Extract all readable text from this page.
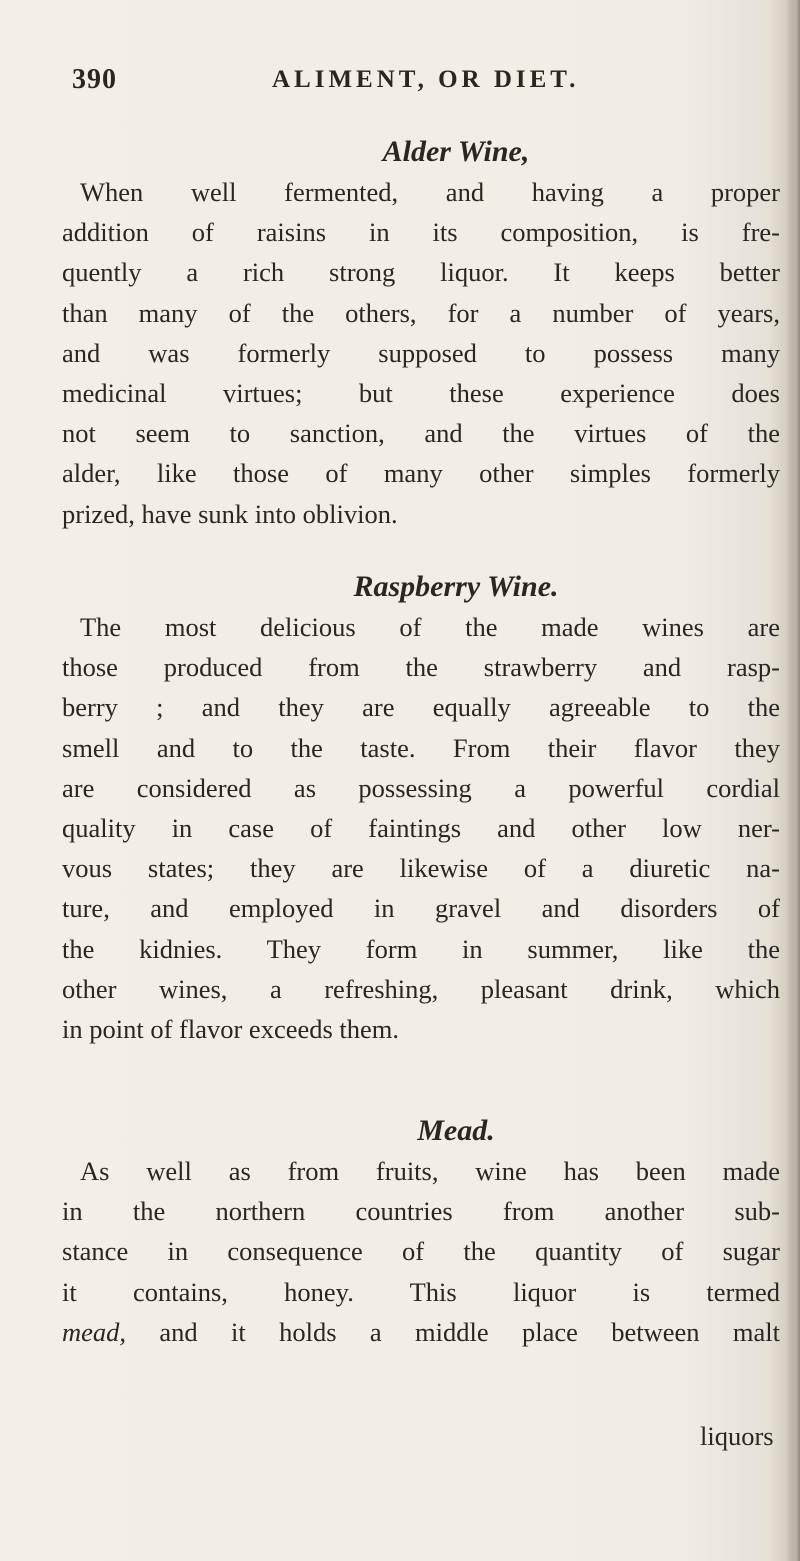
390	ALIMENT, OR DIET.
Alder Wine,

When well fermented, and having a proper
addition of raisins in its composition, is fre-
quently a rich strong liquor. It keeps better
than many of the others, for a number of years,
and was formerly supposed to possess many
medicinal virtues; but these experience does
not seem to sanction, and the virtues of the
alder, like those of many other simples formerly
prized, have sunk into oblivion.

Raspberry Wine.

The most delicious of the made wines are
those produced from the strawberry and rasp-
berry ; and they are equally agreeable to the
smell and to the taste. From their flavor they
are considered as possessing a powerful cordial
quality in case of faintings and other low ner-
vous states; they are likewise of a diuretic na-
ture, and employed in gravel and disorders of
the kidnies. They form in summer, like the
other wines, a refreshing, pleasant drink, which
in point of flavor exceeds them.

Mead.

As well as from fruits, wine has been made
in the northern countries from another sub-
stance in consequence of the quantity of sugar
it contains, honey. This liquor is termed
mead, and it holds a middle place between malt

liquors
